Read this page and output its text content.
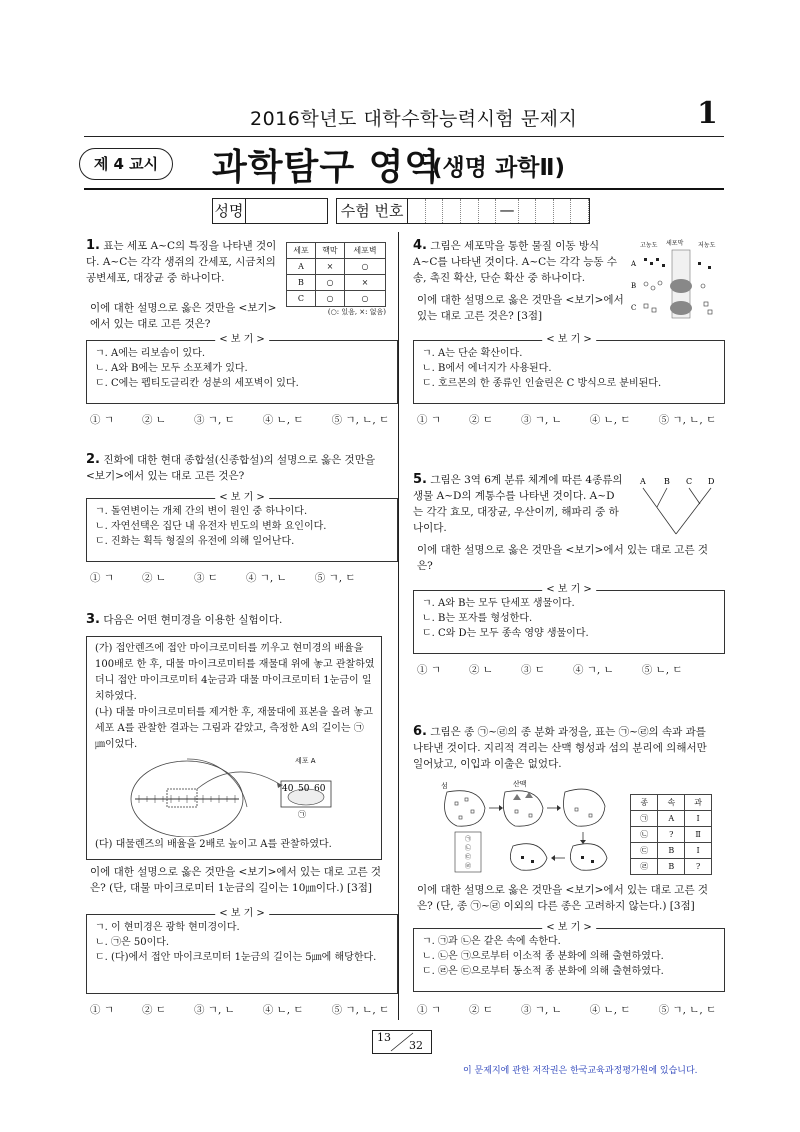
2016학년도 대학수학능력시험 문제지	1
제 4 교시	과학탐구 영역
(생명 과학Ⅱ)
성명	수험 번호	—
1. 표는 세포 A~C의 특징을 나타낸 것이다. A~C는 각각 생쥐의 간세포, 시금치의 공변세포, 대장균 중 하나이다.
세포	핵막	세포벽
A	×	○
B	○	×
C	○	○
(○: 있음, ×: 없음)
이에 대한 설명으로 옳은 것만을 <보기>에서 있는 대로 고른 것은?
< 보 기 >
ㄱ. A에는 리보솜이 있다.
ㄴ. A와 B에는 모두 소포체가 있다.
ㄷ. C에는 펩티도글리칸 성분의 세포벽이 있다.
① ㄱ	② ㄴ	③ ㄱ, ㄷ	④ ㄴ, ㄷ	⑤ ㄱ, ㄴ, ㄷ
2. 진화에 대한 현대 종합설(신종합설)의 설명으로 옳은 것만을 <보기>에서 있는 대로 고른 것은?
< 보 기 >
ㄱ. 돌연변이는 개체 간의 변이 원인 중 하나이다.
ㄴ. 자연선택은 집단 내 유전자 빈도의 변화 요인이다.
ㄷ. 진화는 획득 형질의 유전에 의해 일어난다.
① ㄱ	② ㄴ	③ ㄷ	④ ㄱ, ㄴ	⑤ ㄱ, ㄷ
3. 다음은 어떤 현미경을 이용한 실험이다.
(가) 접안렌즈에 접안 마이크로미터를 끼우고 현미경의 배율을 100배로 한 후, 대물 마이크로미터를 재물대 위에 놓고 관찰하였더니 접안 마이크로미터 4눈금과 대물 마이크로미터 1눈금이 일치하였다.
(나) 대물 마이크로미터를 제거한 후, 재물대에 표본을 올려 놓고 세포 A를 관찰한 결과는 그림과 같았고, 측정한 A의 길이는 ㉠ ㎛이었다.
세포 A
40 50 60
㉠
(다) 대물렌즈의 배율을 2배로 높이고 A를 관찰하였다.
이에 대한 설명으로 옳은 것만을 <보기>에서 있는 대로 고른 것은? (단, 대물 마이크로미터 1눈금의 길이는 10㎛이다.) [3점]
< 보 기 >
ㄱ. 이 현미경은 광학 현미경이다.
ㄴ. ㉠은 50이다.
ㄷ. (다)에서 접안 마이크로미터 1눈금의 길이는 5㎛에 해당한다.
① ㄱ	② ㄷ	③ ㄱ, ㄴ	④ ㄴ, ㄷ	⑤ ㄱ, ㄴ, ㄷ
4. 그림은 세포막을 통한 물질 이동 방식 A~C를 나타낸 것이다. A~C는 각각 능동 수송, 촉진 확산, 단순 확산 중 하나이다.
고농도 세포막 저농도
A
B
C
이에 대한 설명으로 옳은 것만을 <보기>에서 있는 대로 고른 것은? [3점]
< 보 기 >
ㄱ. A는 단순 확산이다.
ㄴ. B에서 에너지가 사용된다.
ㄷ. 호르몬의 한 종류인 인슐린은 C 방식으로 분비된다.
① ㄱ	② ㄷ	③ ㄱ, ㄴ	④ ㄴ, ㄷ	⑤ ㄱ, ㄴ, ㄷ
5. 그림은 3역 6계 분류 체계에 따른 4종류의 생물 A~D의 계통수를 나타낸 것이다. A~D는 각각 효모, 대장균, 우산이끼, 해파리 중 하나이다.
A B C D
이에 대한 설명으로 옳은 것만을 <보기>에서 있는 대로 고른 것은?
< 보 기 >
ㄱ. A와 B는 모두 단세포 생물이다.
ㄴ. B는 포자를 형성한다.
ㄷ. C와 D는 모두 종속 영양 생물이다.
① ㄱ	② ㄴ	③ ㄷ	④ ㄱ, ㄴ	⑤ ㄴ, ㄷ
6. 그림은 종 ㉠~㉣의 종 분화 과정을, 표는 ㉠~㉣의 속과 과를 나타낸 것이다. 지리적 격리는 산맥 형성과 섬의 분리에 의해서만 일어났고, 이입과 이출은 없었다.
섬	산맥
㉠
㉡
㉢
㉣
종	속	과
㉠	A	Ⅰ
㉡	?	Ⅱ
㉢	B	Ⅰ
㉣	B	?
이에 대한 설명으로 옳은 것만을 <보기>에서 있는 대로 고른 것은? (단, 종 ㉠~㉣ 이외의 다른 종은 고려하지 않는다.) [3점]
< 보 기 >
ㄱ. ㉠과 ㉡은 같은 속에 속한다.
ㄴ. ㉡은 ㉠으로부터 이소적 종 분화에 의해 출현하였다.
ㄷ. ㉣은 ㉢으로부터 동소적 종 분화에 의해 출현하였다.
① ㄱ	② ㄷ	③ ㄱ, ㄴ	④ ㄴ, ㄷ	⑤ ㄱ, ㄴ, ㄷ
13
32
이 문제지에 관한 저작권은 한국교육과정평가원에 있습니다.
